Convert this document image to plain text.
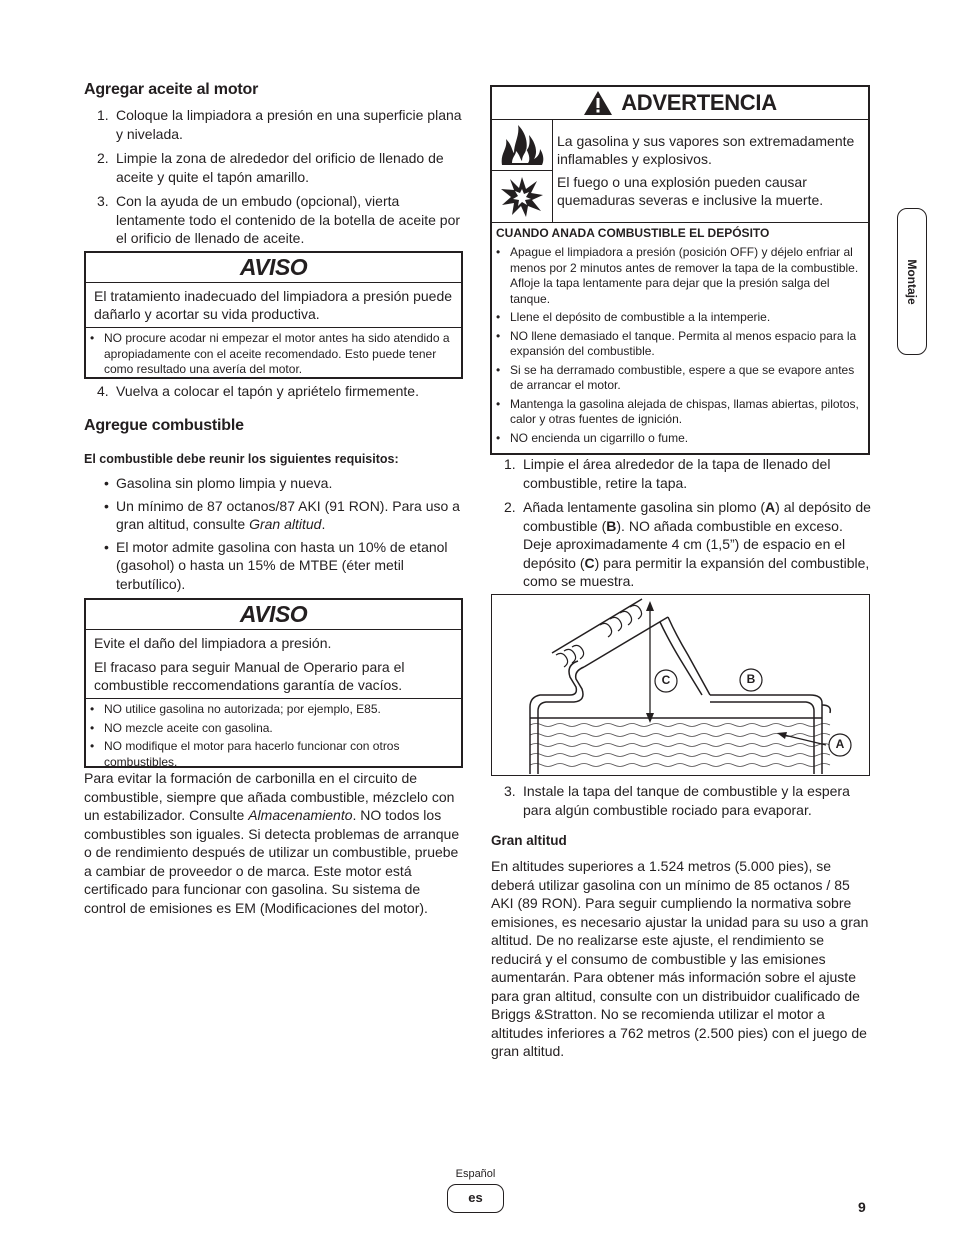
Agregar aceite al motor
1. Coloque la limpiadora a presión en una superficie plana y nivelada.
2. Limpie la zona de alrededor del orificio de llenado de aceite y quite el tapón amarillo.
3. Con la ayuda de un embudo (opcional), vierta lentamente todo el contenido de la botella de aceite por el orificio de llenado de aceite.
AVISO
El tratamiento inadecuado del limpiadora a presión puede dañarlo y acortar su vida productiva.
• NO procure acodar ni empezar el motor antes ha sido atendido a apropiadamente con el aceite recomendado. Esto puede tener como resultado una avería del motor.
4. Vuelva a colocar el tapón y apriételo firmemente.
Agregue combustible
El combustible debe reunir los siguientes requisitos:
• Gasolina sin plomo limpia y nueva.
• Un mínimo de 87 octanos/87 AKI (91 RON). Para uso a gran altitud, consulte Gran altitud.
• El motor admite gasolina con hasta un 10% de etanol (gasohol) o hasta un 15% de MTBE (éter metil terbutílico).
AVISO

Evite el daño del limpiadora a presión.

El fracaso para seguir Manual de Operario para el combustible reccomendations garantía de vacíos.

• NO utilice gasolina no autorizada; por ejemplo, E85.
• NO mezcle aceite con gasolina.
• NO modifique el motor para hacerlo funcionar con otros combustibles.
Para evitar la formación de carbonilla en el circuito de combustible, siempre que añada combustible, mézclelo con un estabilizador. Consulte Almacenamiento. NO todos los combustibles son iguales. Si detecta problemas de arranque o de rendimiento después de utilizar un combustible, pruebe a cambiar de proveedor o de marca. Este motor está certificado para funcionar con gasolina. Su sistema de control de emisiones es EM (Modificaciones del motor).
ADVERTENCIA

La gasolina y sus vapores son extremadamente inflamables y explosivos.

El fuego o una explosión pueden causar quemaduras severas e inclusive la muerte.

CUANDO ANADA COMBUSTIBLE EL DEPÓSITO
• Apague el limpiadora a presión (posición OFF) y déjelo enfriar al menos por 2 minutos antes de remover la tapa de la combustible. Afloje la tapa lentamente para dejar que la presión salga del tanque.
• Llene el depósito de combustible a la intemperie.
• NO llene demasiado el tanque. Permita al menos espacio para la expansión del combustible.
• Si se ha derramado combustible, espere a que se evapore antes de arrancar el motor.
• Mantenga la gasolina alejada de chispas, llamas abiertas, pilotos, calor y otras fuentes de ignición.
• NO encienda un cigarrillo o fume.
1. Limpie el área alrededor de la tapa de llenado del combustible, retire la tapa.
2. Añada lentamente gasolina sin plomo (A) al depósito de combustible (B). NO añada combustible en exceso. Deje aproximadamente 4 cm (1,5”) de espacio en el depósito (C) para permitir la expansión del combustible, como se muestra.
C	B
A
3. Instale la tapa del tanque de combustible y la espera para algún combustible rociado para evaporar.
Gran altitud
En altitudes superiores a 1.524 metros (5.000 pies), se deberá utilizar gasolina con un mínimo de 85 octanos / 85 AKI (89 RON). Para seguir cumpliendo la normativa sobre emisiones, es necesario ajustar la unidad para su uso a gran altitud. De no realizarse este ajuste, el rendimiento se reducirá y el consumo de combustible y las emisiones aumentarán. Para obtener más información sobre el ajuste para gran altitud, consulte con un distribuidor cualificado de Briggs &Stratton. No se recomienda utilizar el motor a altitudes inferiores a 762 metros (2.500 pies) con el juego de gran altitud.
Montaje
Español
es
9
